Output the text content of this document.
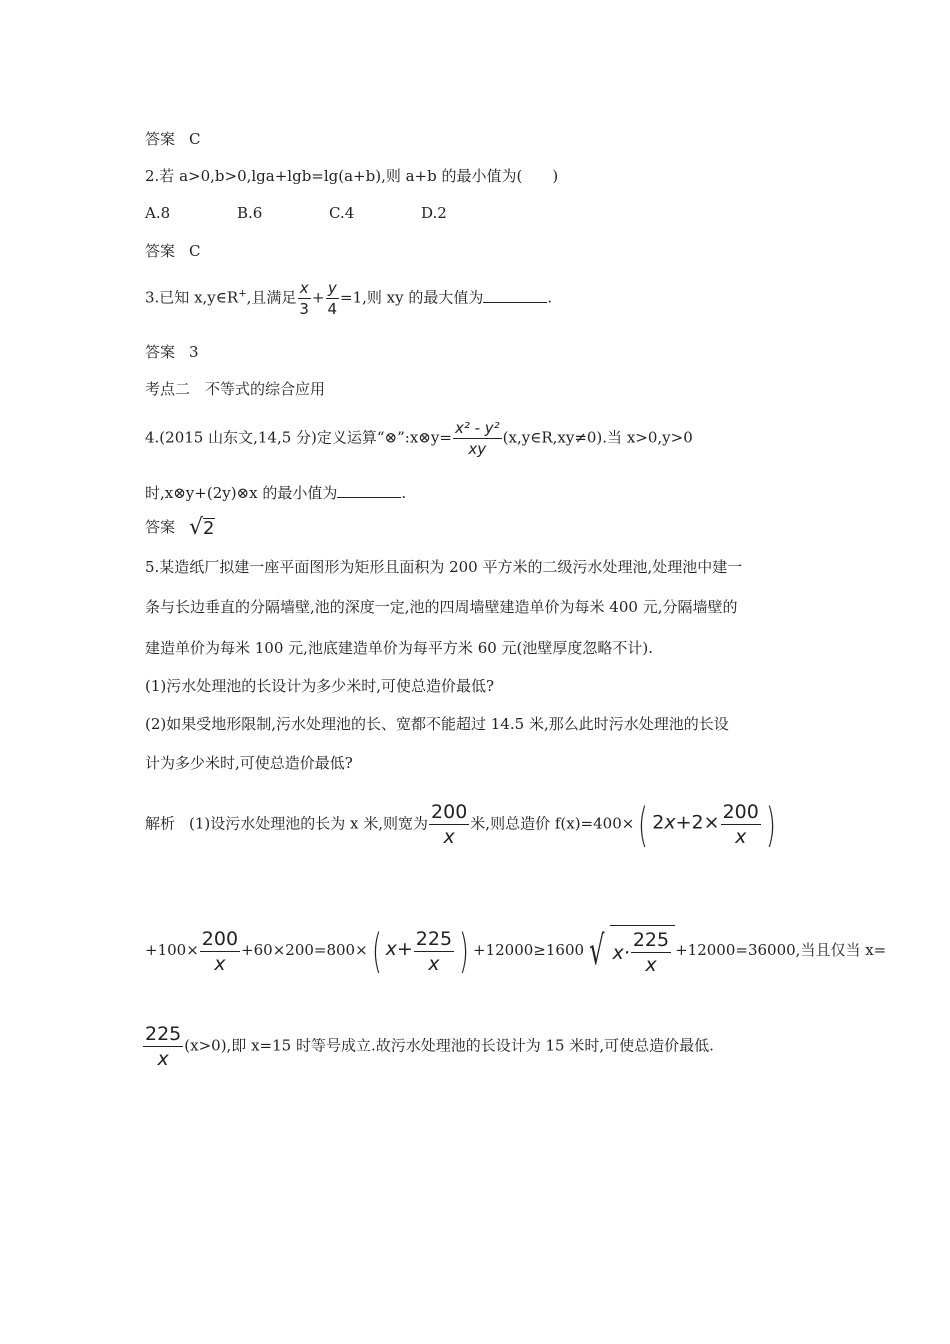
答案 C
2.若 a>0,b>0,lga+lgb=lg(a+b),则 a+b 的最小值为(　　)
A.8	B.6	C.4	D.2
答案 C
3.已知 x,y∈R+,且满足 $\frac{x}{3} + \frac{y}{4} =1$,则 xy 的最大值为	.
答案 3
考点二　不等式的综合应用
4.(2015 山东文,14,5 分)定义运算“⊗”:x⊗y= $\frac{\text{x² - y²}}{xy}$ (x,y∈R,xy≠0).当 x>0,y>0
时,x⊗y+(2y)⊗x 的最小值为	.
答案 √ 2
5.某造纸厂拟建一座平面图形为矩形且面积为 200 平方米的二级污水处理池,处理池中建一
条与长边垂直的分隔墙壁,池的深度一定,池的四周墙壁建造单价为每米 400 元,分隔墙壁的
建造单价为每米 100 元,池底建造单价为每平方米 60 元(池壁厚度忽略不计).
(1)污水处理池的长设计为多少米时,可使总造价最低?
(2)如果受地形限制,污水处理池的长、宽都不能超过 14.5 米,那么此时污水处理池的长设
计为多少米时,可使总造价最低?
解析 (1)设污水处理池的长为 x 米,则宽为 $\frac{200}{x}$ 米,则总造价 f(x)=400×( $2x+2\times \frac{200}{x}$ )
$+100\times \frac{200}{x} +60\times 200=800\times$( $x+ \frac{225}{x}$ ) +12000≥1600 √ $x\cdot \frac{225}{x} +12000=36000$,当且仅当 x=
$\frac{225}{x} (x>0)$,即 x=15 时等号成立.故污水处理池的长设计为 15 米时,可使总造价最低.
